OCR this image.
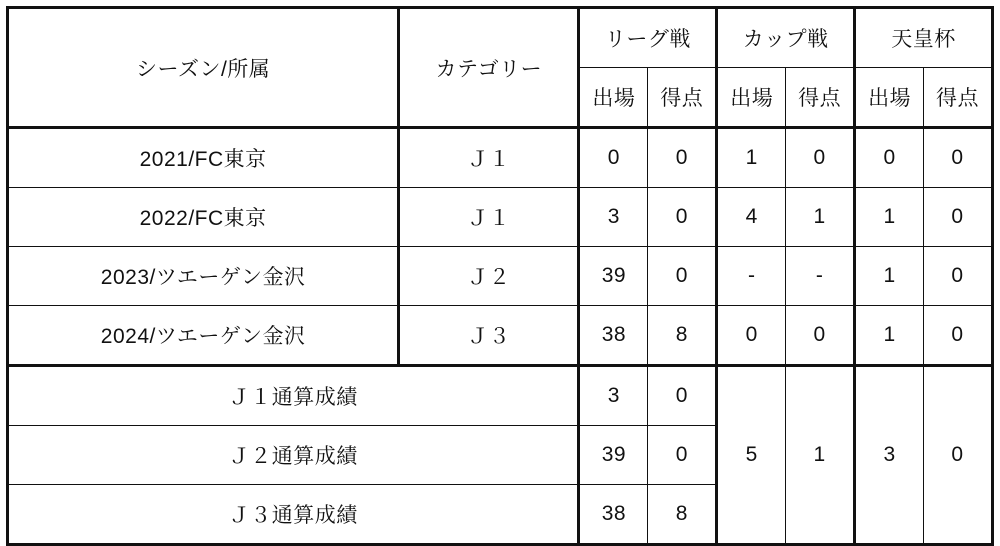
シーズン/所属	カテゴリー	リーグ戦		カップ戦		天皇杯	
		出場	得点	出場	得点	出場	得点
2021/FC東京	Ｊ１	0	0	1	0	0	0
2022/FC東京	Ｊ１	3	0	4	1	1	0
2023/ツエーゲン金沢	Ｊ２	39	0	-	-	1	0
2024/ツエーゲン金沢	Ｊ３	38	8	0	0	1	0
Ｊ１通算成績		3	0	5	1	3	0
Ｊ２通算成績		39	0				
Ｊ３通算成績		38	8				
